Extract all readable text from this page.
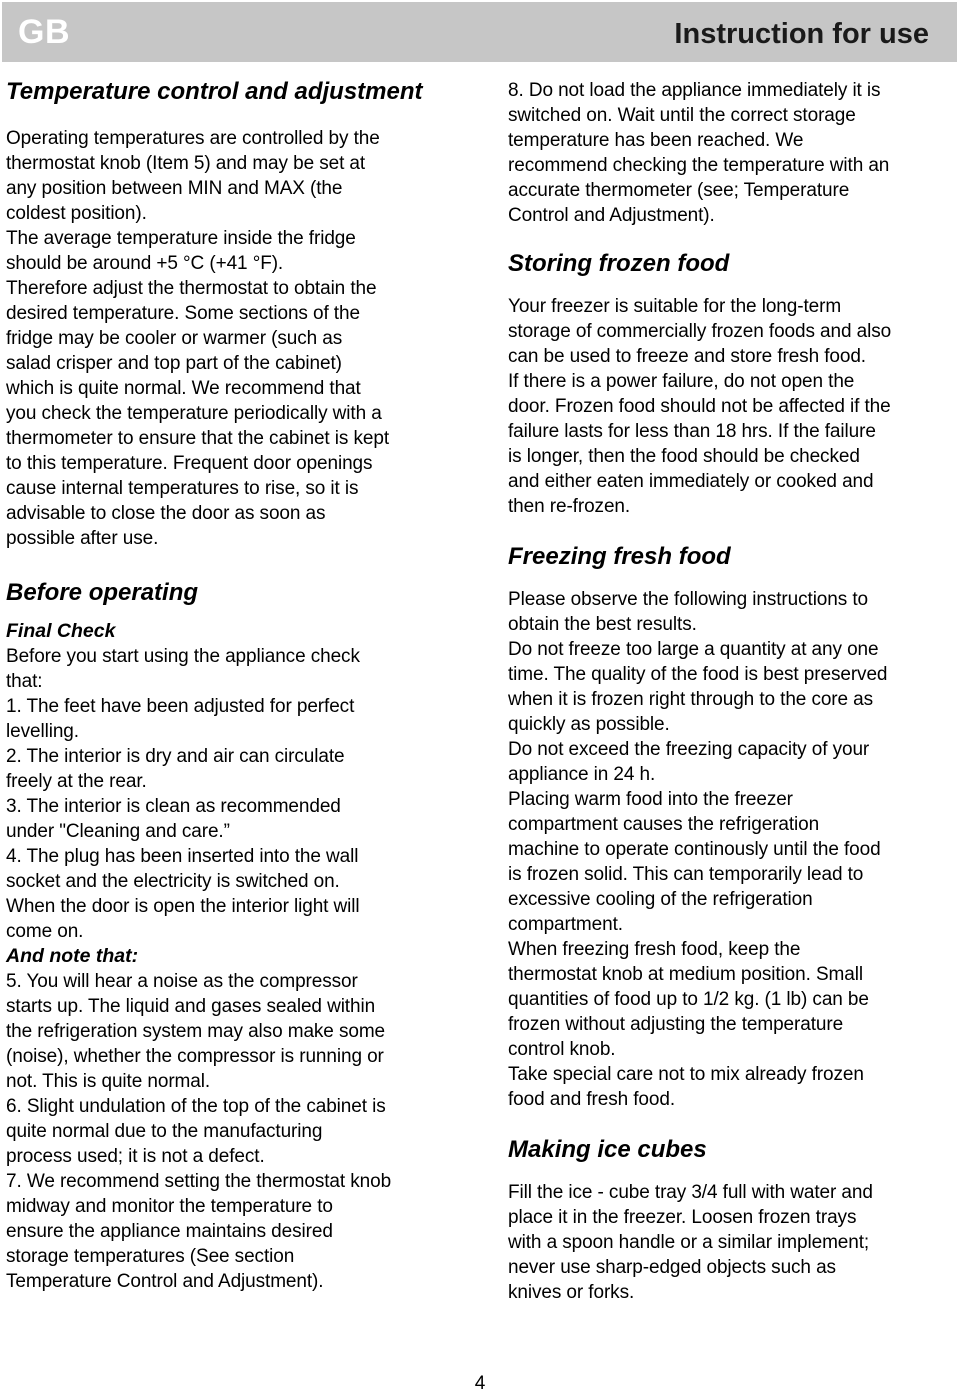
GB	Instruction for use
Temperature control and adjustment

Operating temperatures are controlled by the
thermostat knob (Item 5) and may be set at
any position between MIN and MAX (the
coldest position).
The average temperature inside the fridge
should be around +5 °C (+41 °F).
Therefore adjust the thermostat to obtain the
desired temperature. Some sections of the
fridge may be cooler or warmer (such as
salad crisper and top part of the cabinet)
which is quite normal. We recommend that
you check the temperature periodically with a
thermometer to ensure that the cabinet is kept
to this temperature. Frequent door openings
cause internal temperatures to rise, so it is
advisable to close the door as soon as
possible after use.

Before operating
Final Check

Before you start using the appliance check
that:
1. The feet have been adjusted for perfect
levelling.
2. The interior is dry and air can circulate
freely at the rear.
3. The interior is clean as recommended
under "Cleaning and care.”
4. The plug has been inserted into the wall
socket and the electricity is switched on.
When the door is open the interior light will
come on.

And note that:

5. You will hear a noise as the compressor
starts up. The liquid and gases sealed within
the refrigeration system may also make some
(noise), whether the compressor is running or
not. This is quite normal.
6. Slight undulation of the top of the cabinet is
quite normal due to the manufacturing
process used; it is not a defect.
7. We recommend setting the thermostat knob
midway and monitor the temperature to
ensure the appliance maintains desired
storage temperatures (See section
Temperature Control and Adjustment).

8. Do not load the appliance immediately it is
switched on. Wait until the correct storage
temperature has been reached. We
recommend checking the temperature with an
accurate thermometer (see; Temperature
Control and Adjustment).

Storing frozen food

Your freezer is suitable for the long-term
storage of commercially frozen foods and also
can be used to freeze and store fresh food.
If there is a power failure, do not open the
door. Frozen food should not be affected if the
failure lasts for less than 18 hrs. If the failure
is longer, then the food should be checked
and either eaten immediately or cooked and
then re-frozen.

Freezing fresh food

Please observe the following instructions to
obtain the best results.
Do not freeze too large a quantity at any one
time. The quality of the food is best preserved
when it is frozen right through to the core as
quickly as possible.
Do not exceed the freezing capacity of your
appliance in 24 h.
Placing warm food into the freezer
compartment causes the refrigeration
machine to operate continously until the food
is frozen solid. This can temporarily lead to
excessive cooling of the refrigeration
compartment.
When freezing fresh food, keep the
thermostat knob at medium position. Small
quantities of food up to 1/2 kg. (1 lb) can be
frozen without adjusting the temperature
control knob.
Take special care not to mix already frozen
food and fresh food.

Making ice cubes

Fill the ice - cube tray 3/4 full with water and
place it in the freezer. Loosen frozen trays
with a spoon handle or a similar implement;
never use sharp-edged objects such as
knives or forks.

4
